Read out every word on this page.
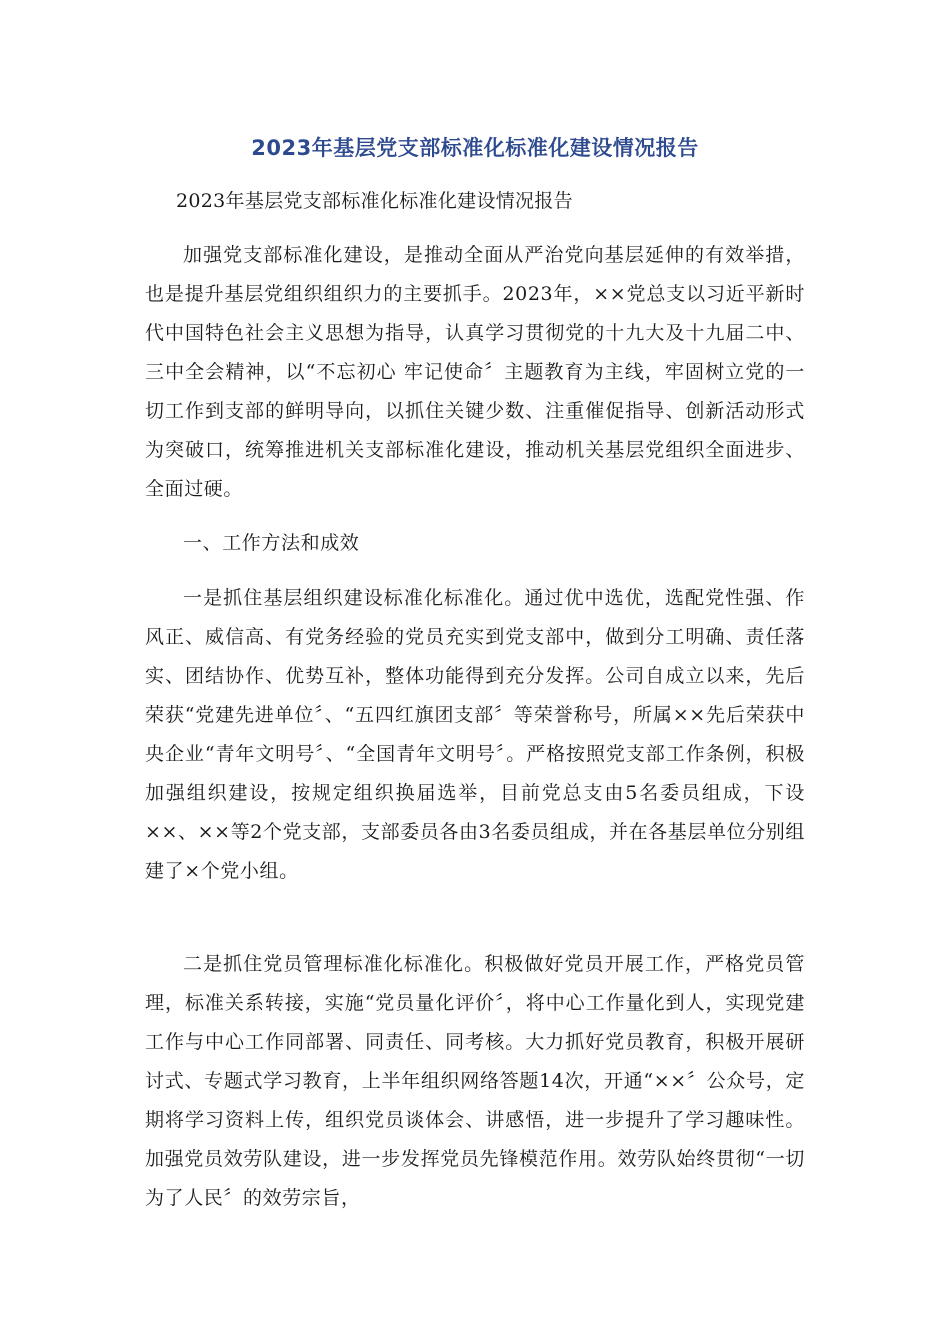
2023年基层党支部标准化标准化建设情况报告
2023年基层党支部标准化标准化建设情况报告

加强党支部标准化建设，是推动全面从严治党向基层延伸的有效举措，也是提升基层党组织组织力的主要抓手。2023年，××党总支以习近平新时代中国特色社会主义思想为指导，认真学习贯彻党的十九大及十九届二中、三中全会精神，以“不忘初心 牢记使命〞主题教育为主线，牢固树立党的一切工作到支部的鲜明导向，以抓住关键少数、注重催促指导、创新活动形式为突破口，统筹推进机关支部标准化建设，推动机关基层党组织全面进步、全面过硬。

一、工作方法和成效

一是抓住基层组织建设标准化标准化。通过优中选优，选配党性强、作风正、威信高、有党务经验的党员充实到党支部中，做到分工明确、责任落实、团结协作、优势互补，整体功能得到充分发挥。公司自成立以来，先后荣获“党建先进单位〞、“五四红旗团支部〞等荣誉称号，所属××先后荣获中央企业“青年文明号〞、“全国青年文明号〞。严格按照党支部工作条例，积极加强组织建设，按规定组织换届选举，目前党总支由5名委员组成，下设××、××等2个党支部，支部委员各由3名委员组成，并在各基层单位分别组建了×个党小组。

二是抓住党员管理标准化标准化。积极做好党员开展工作，严格党员管理，标准关系转接，实施“党员量化评价〞，将中心工作量化到人，实现党建工作与中心工作同部署、同责任、同考核。大力抓好党员教育，积极开展研讨式、专题式学习教育，上半年组织网络答题14次，开通“××〞公众号，定期将学习资料上传，组织党员谈体会、讲感悟，进一步提升了学习趣味性。加强党员效劳队建设，进一步发挥党员先锋模范作用。效劳队始终贯彻“一切为了人民〞的效劳宗旨，
